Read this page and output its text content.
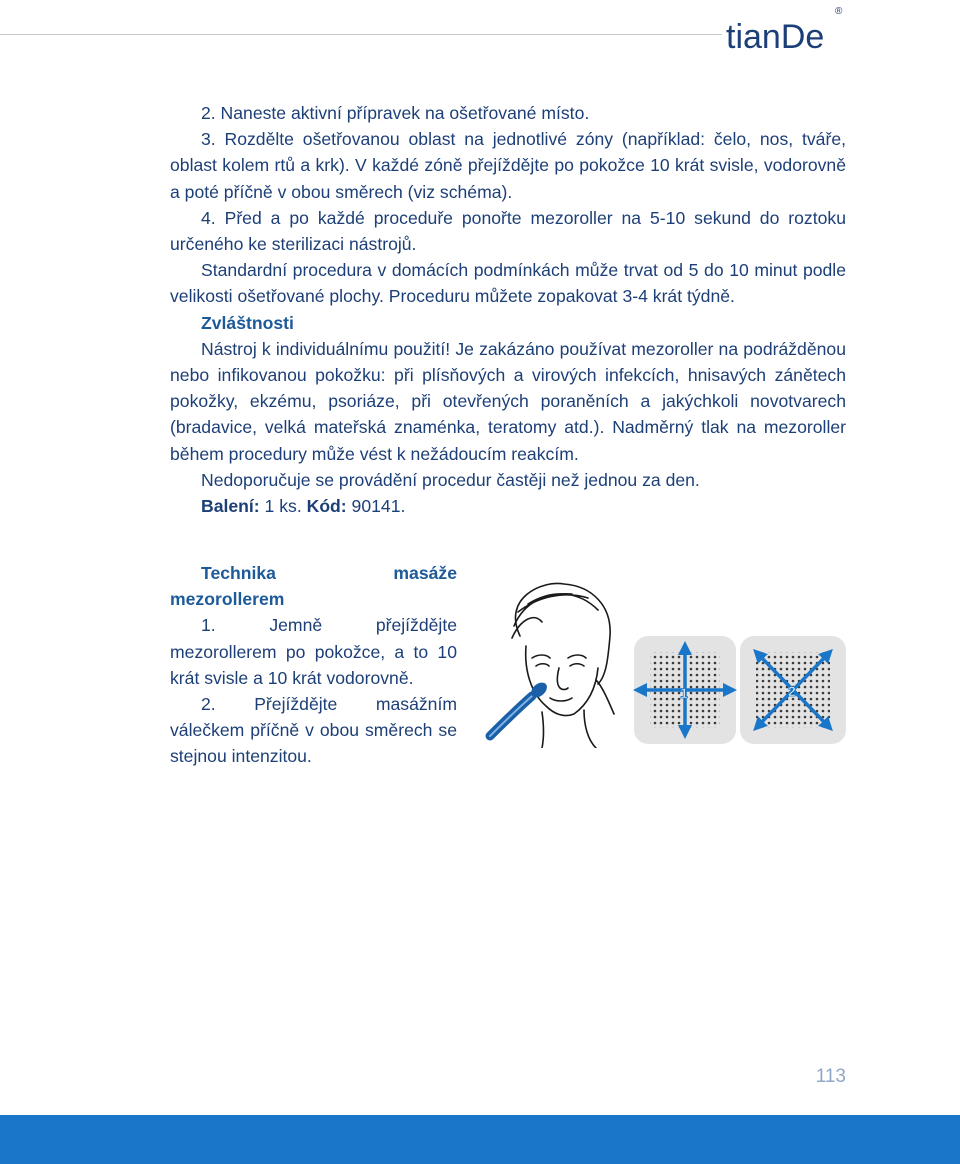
tianDe
®

2. Naneste aktivní přípravek na ošetřované místo.

3. Rozdělte ošetřovanou oblast na jednotlivé zóny (například: čelo, nos, tváře, oblast kolem rtů a krk). V každé zóně přejíždějte po pokožce 10 krát svisle, vodorovně a poté příčně v obou směrech (viz schéma).

4. Před a po každé proceduře ponořte mezoroller na 5-10 sekund do roztoku určeného ke sterilizaci nástrojů.

Standardní procedura v domácích podmínkách může trvat od 5 do 10 minut podle velikosti ošetřované plochy. Proceduru můžete zopakovat 3-4 krát týdně.

Zvláštnosti

Nástroj k individuálnímu použití! Je zakázáno používat mezoroller na podrážděnou nebo infikovanou pokožku: při plísňových a virových infekcích, hnisavých zánětech pokožky, ekzému, psoriáze, při otevřených poraněních a jakýchkoli novotvarech (bradavice, velká mateřská znaménka, teratomy atd.). Nadměrný tlak na mezoroller během procedury může vést k nežádoucím reakcím.

Nedoporučuje se provádění procedur častěji než jednou za den.

Balení: 1 ks. Kód: 90141.

Technika masáže mezorollerem

1. Jemně přejíždějte mezorollerem po pokožce, a to 10 krát svisle a 10 krát vodorovně.

2. Přejíždějte masážním válečkem příčně v obou směrech se stejnou intenzitou.

1	2
113
